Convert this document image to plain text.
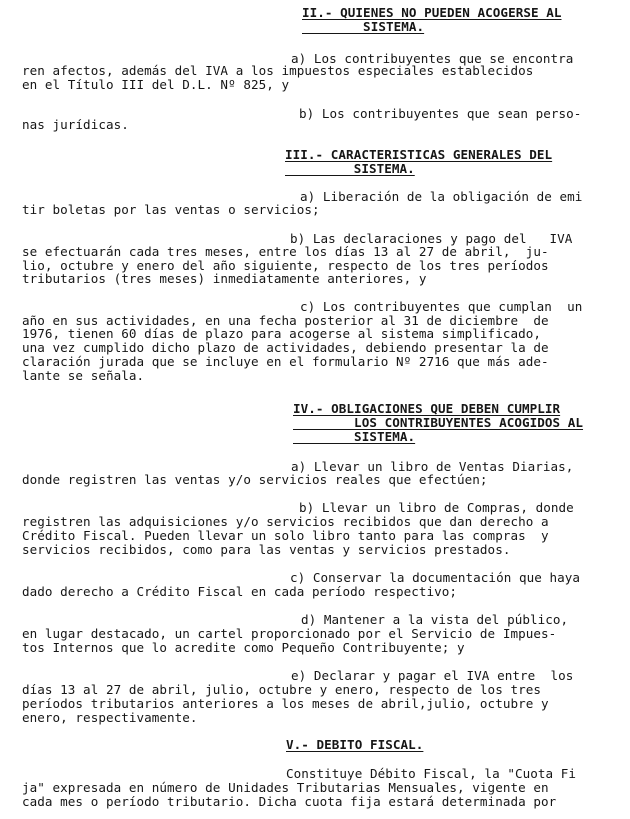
II.- QUIENES NO PUEDEN ACOGERSE AL
SISTEMA.
a) Los contribuyentes que se encontra
ren afectos, además del IVA a los impuestos especiales establecidos
en el Título III del D.L. Nº 825, y
b) Los contribuyentes que sean perso-
nas jurídicas.
III.- CARACTERISTICAS GENERALES DEL
SISTEMA.
a) Liberación de la obligación de emi
tir boletas por las ventas o servicios;
b) Las declaraciones y pago del   IVA
se efectuarán cada tres meses, entre los días 13 al 27 de abril,  ju-
lio, octubre y enero del año siguiente, respecto de los tres períodos
tributarios (tres meses) inmediatamente anteriores, y
c) Los contribuyentes que cumplan  un
año en sus actividades, en una fecha posterior al 31 de diciembre  de
1976, tienen 60 días de plazo para acogerse al sistema simplificado,
una vez cumplido dicho plazo de actividades, debiendo presentar la de
claración jurada que se incluye en el formulario Nº 2716 que más ade-
lante se señala.
IV.- OBLIGACIONES QUE DEBEN CUMPLIR
LOS CONTRIBUYENTES ACOGIDOS AL
SISTEMA.
a) Llevar un libro de Ventas Diarias,
donde registren las ventas y/o servicios reales que efectúen;
b) Llevar un libro de Compras, donde
registren las adquisiciones y/o servicios recibidos que dan derecho a
Crédito Fiscal. Pueden llevar un solo libro tanto para las compras  y
servicios recibidos, como para las ventas y servicios prestados.
c) Conservar la documentación que haya
dado derecho a Crédito Fiscal en cada período respectivo;
d) Mantener a la vista del público,
en lugar destacado, un cartel proporcionado por el Servicio de Impues-
tos Internos que lo acredite como Pequeño Contribuyente; y
e) Declarar y pagar el IVA entre  los
días 13 al 27 de abril, julio, octubre y enero, respecto de los tres
períodos tributarios anteriores a los meses de abril,julio, octubre y
enero, respectivamente.
V.- DEBITO FISCAL.
Constituye Débito Fiscal, la "Cuota Fi
ja" expresada en número de Unidades Tributarias Mensuales, vigente en
cada mes o período tributario. Dicha cuota fija estará determinada por
